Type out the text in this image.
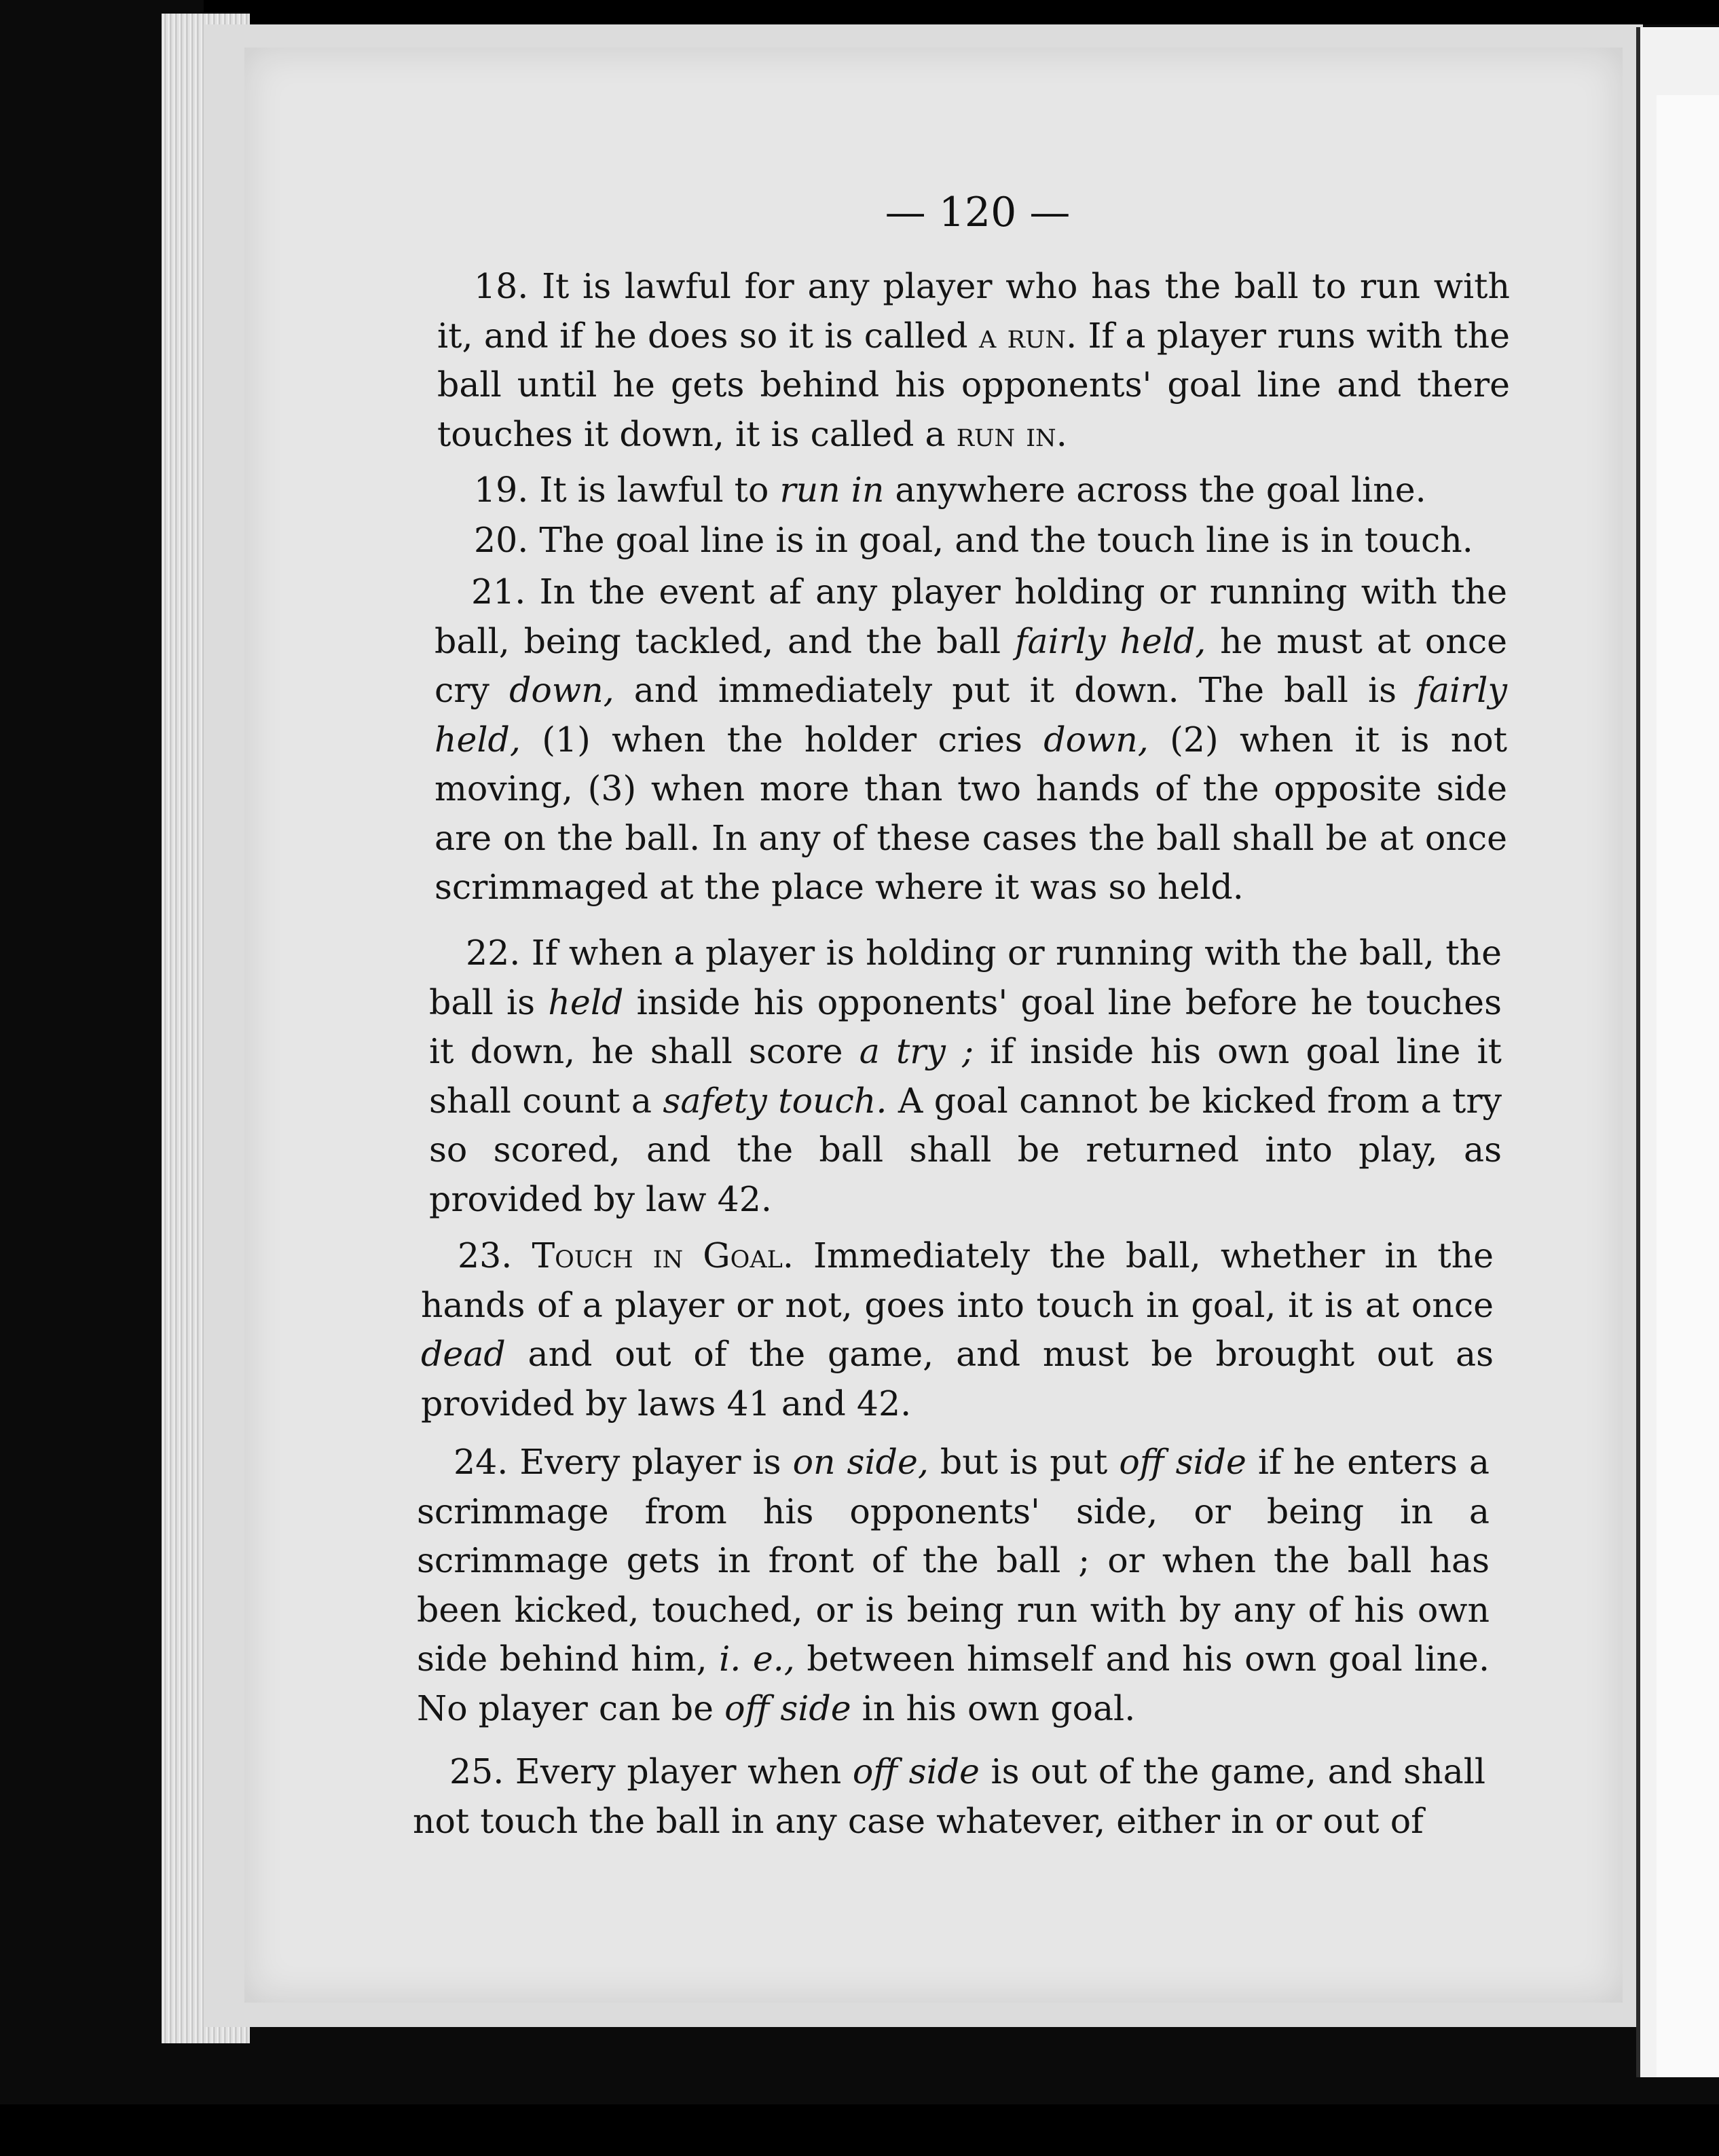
— 120 —

18. It is lawful for any player who has the ball to run with it, and if he does so it is called a run. If a player runs with the ball until he gets behind his opponents' goal line and there touches it down, it is called a run in.

19. It is lawful to run in anywhere across the goal line.

20. The goal line is in goal, and the touch line is in touch.

21. In the event af any player holding or running with the ball, being tackled, and the ball fairly held, he must at once cry down, and immediately put it down. The ball is fairly held, (1) when the holder cries down, (2) when it is not moving, (3) when more than two hands of the opposite side are on the ball. In any of these cases the ball shall be at once scrimmaged at the place where it was so held.

22. If when a player is holding or running with the ball, the ball is held inside his opponents' goal line before he touches it down, he shall score a try ; if inside his own goal line it shall count a safety touch. A goal cannot be kicked from a try so scored, and the ball shall be returned into play, as provided by law 42.

23. Touch in Goal. Immediately the ball, whether in the hands of a player or not, goes into touch in goal, it is at once dead and out of the game, and must be brought out as provided by laws 41 and 42.

24. Every player is on side, but is put off side if he enters a scrimmage from his opponents' side, or being in a scrimmage gets in front of the ball ; or when the ball has been kicked, touched, or is being run with by any of his own side behind him, i. e., between himself and his own goal line. No player can be off side in his own goal.

25. Every player when off side is out of the game, and shall not touch the ball in any case whatever, either in or out of
